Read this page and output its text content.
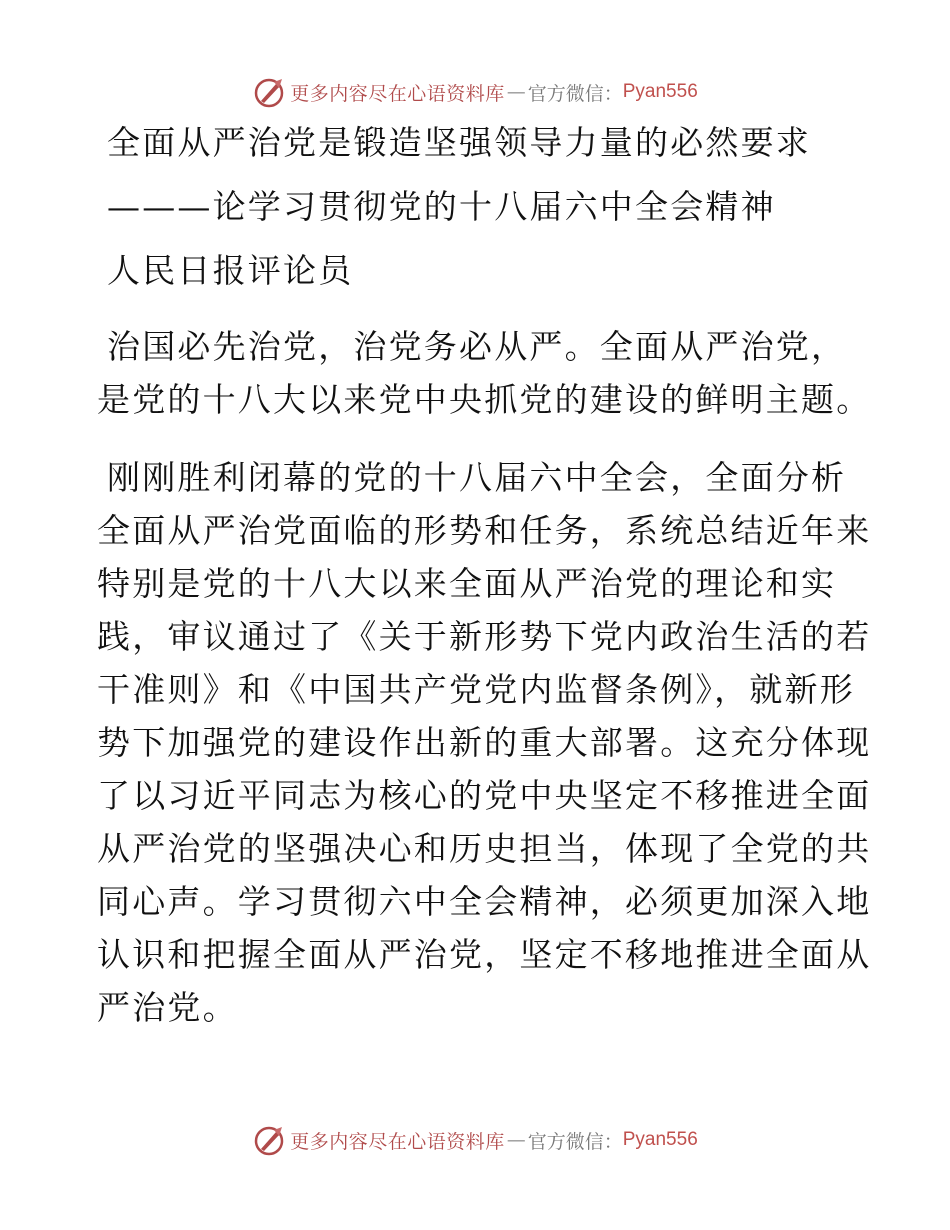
更多内容尽在心语资料库 — 官方微信： Pyan556

全面从严治党是锻造坚强领导力量的必然要求

———论学习贯彻党的十八届六中全会精神

人民日报评论员

治国必先治党，治党务必从严。全面从严治党，

是党的十八大以来党中央抓党的建设的鲜明主题。

刚刚胜利闭幕的党的十八届六中全会，全面分析

全面从严治党面临的形势和任务，系统总结近年来

特别是党的十八大以来全面从严治党的理论和实

践，审议通过了《关于新形势下党内政治生活的若

干准则》和《中国共产党党内监督条例》，就新形

势下加强党的建设作出新的重大部署。这充分体现

了以习近平同志为核心的党中央坚定不移推进全面

从严治党的坚强决心和历史担当，体现了全党的共

同心声。学习贯彻六中全会精神，必须更加深入地

认识和把握全面从严治党，坚定不移地推进全面从

严治党。

更多内容尽在心语资料库 — 官方微信： Pyan556
